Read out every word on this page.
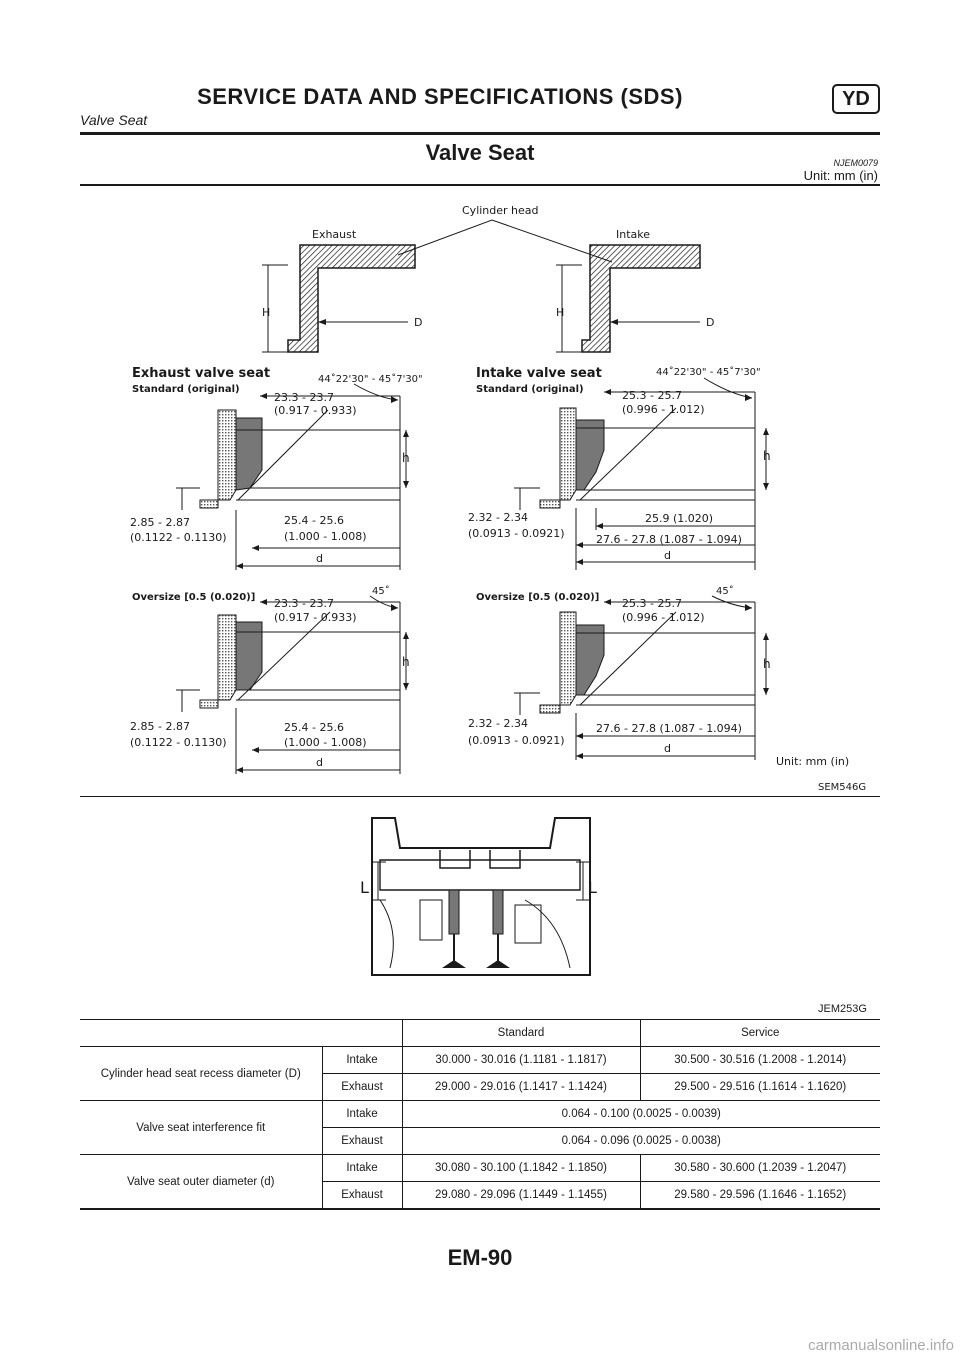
SERVICE DATA AND SPECIFICATIONS (SDS)	YD
Valve Seat
Valve Seat	NJEM0079
Unit: mm (in)
Cylinder head
Exhaust	Intake
H	H
D	D
Exhaust valve seat
Standard (original)
44˚22'30" - 45˚7'30"
23.3 - 23.7
(0.917 - 0.933)
h
2.85 - 2.87
(0.1122 - 0.1130)
25.4 - 25.6
(1.000 - 1.008)
d
Intake valve seat
Standard (original)
44˚22'30" - 45˚7'30"
25.3 - 25.7
(0.996 - 1.012)
h
2.32 - 2.34
(0.0913 - 0.0921)
25.9 (1.020)
27.6 - 27.8 (1.087 - 1.094)
d
Oversize [0.5 (0.020)]
45˚
23.3 - 23.7
(0.917 - 0.933)
h
2.85 - 2.87
(0.1122 - 0.1130)
25.4 - 25.6
(1.000 - 1.008)
d
Oversize [0.5 (0.020)]
45˚
25.3 - 25.7
(0.996 - 1.012)
h
2.32 - 2.34
(0.0913 - 0.0921)
27.6 - 27.8 (1.087 - 1.094)
d
Unit: mm (in)
SEM546G
L	L
JEM253G
		Standard	Service
Cylinder head seat recess diameter (D)	Intake	30.000 - 30.016 (1.1181 - 1.1817)	30.500 - 30.516 (1.2008 - 1.2014)
	Exhaust	29.000 - 29.016 (1.1417 - 1.1424)	29.500 - 29.516 (1.1614 - 1.1620)
Valve seat interference fit	Intake	0.064 - 0.100 (0.0025 - 0.0039)	
	Exhaust	0.064 - 0.096 (0.0025 - 0.0038)	
Valve seat outer diameter (d)	Intake	30.080 - 30.100 (1.1842 - 1.1850)	30.580 - 30.600 (1.2039 - 1.2047)
	Exhaust	29.080 - 29.096 (1.1449 - 1.1455)	29.580 - 29.596 (1.1646 - 1.1652)
EM-90
carmanualsonline.info
